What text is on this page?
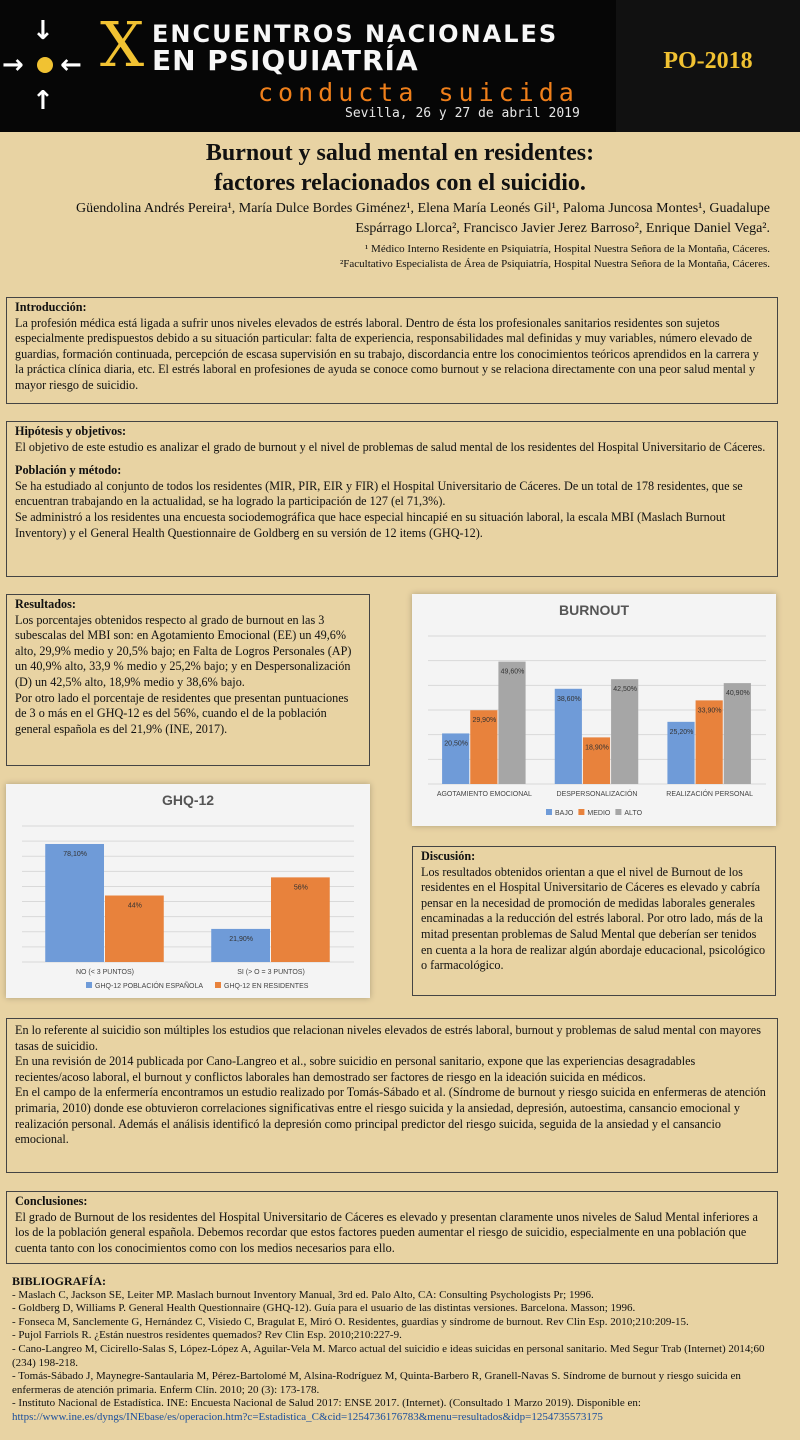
↓
↑
→ ← X ENCUENTROS NACIONALES
EN PSIQUIATRÍA
conducta suicida
Sevilla, 26 y 27 de abril 2019
PO-2018
Burnout y salud mental en residentes:
factores relacionados con el suicidio.
Güendolina Andrés Pereira¹, María Dulce Bordes Giménez¹, Elena María Leonés Gil¹, Paloma Juncosa Montes¹, Guadalupe
Espárrago Llorca², Francisco Javier Jerez Barroso², Enrique Daniel Vega².
¹ Médico Interno Residente en Psiquiatría, Hospital Nuestra Señora de la Montaña, Cáceres.
²Facultativo Especialista de Área de Psiquiatría, Hospital Nuestra Señora de la Montaña, Cáceres.
Introducción:

La profesión médica está ligada a sufrir unos niveles elevados de estrés laboral. Dentro de ésta los profesionales sanitarios residentes son sujetos especialmente predispuestos debido a su situación particular: falta de experiencia, responsabilidades mal definidas y muy variables, número elevado de guardias, formación continuada, percepción de escasa supervisión en su trabajo, discordancia entre los conocimientos teóricos aprendidos en la carrera y la práctica clínica diaria, etc. El estrés laboral en profesiones de ayuda se conoce como burnout y se relaciona directamente con una peor salud mental y mayor riesgo de suicidio.

Hipótesis y objetivos:

El objetivo de este estudio es analizar el grado de burnout y el nivel de problemas de salud mental de los residentes del Hospital Universitario de Cáceres.

Población y método:

Se ha estudiado al conjunto de todos los residentes (MIR, PIR, EIR y FIR) el Hospital Universitario de Cáceres. De un total de 178 residentes, que se encuentran trabajando en la actualidad, se ha logrado la participación de 127 (el 71,3%).

Se administró a los residentes una encuesta sociodemográfica que hace especial hincapié en su situación laboral, la escala MBI (Maslach Burnout Inventory) y el General Health Questionnaire de Goldberg en su versión de 12 items (GHQ-12).

Resultados:

Los porcentajes obtenidos respecto al grado de burnout en las 3 subescalas del MBI son: en Agotamiento Emocional (EE) un 49,6% alto, 29,9% medio y 20,5% bajo; en Falta de Logros Personales (AP) un 40,9% alto, 33,9 % medio y 25,2% bajo; y en Despersonalización (D) un 42,5% alto, 18,9% medio y 38,6% bajo.

Por otro lado el porcentaje de residentes que presentan puntuaciones de 3 o más en el GHQ-12 es del 56%, cuando el de la población general española es del 21,9% (INE, 2017).

BURNOUT
20,50%
29,90%
49,60%
AGOTAMIENTO EMOCIONAL
38,60%
18,90%
42,50%
DESPERSONALIZACIÓN
25,20%
33,90%
40,90%
REALIZACIÓN PERSONAL
BAJO MEDIO ALTO
GHQ-12
78,10%
44%
NO (< 3 PUNTOS)
21,90%
56%
SI (> O = 3 PUNTOS)
GHQ-12 POBLACIÓN ESPAÑOLA	GHQ-12 EN RESIDENTES
Discusión:

Los resultados obtenidos orientan a que el nivel de Burnout de los residentes en el Hospital Universitario de Cáceres es elevado y cabría pensar en la necesidad de promoción de medidas laborales generales encaminadas a la reducción del estrés laboral. Por otro lado, más de la mitad presentan problemas de Salud Mental que deberían ser tenidos en cuenta a la hora de realizar algún abordaje educacional, psicológico o farmacológico.

En lo referente al suicidio son múltiples los estudios que relacionan niveles elevados de estrés laboral, burnout y problemas de salud mental con mayores tasas de suicidio.

En una revisión de 2014 publicada por Cano-Langreo et al., sobre suicidio en personal sanitario, expone que las experiencias desagradables recientes/acoso laboral, el burnout y conflictos laborales han demostrado ser factores de riesgo en la ideación suicida en médicos.

En el campo de la enfermería encontramos un estudio realizado por Tomás-Sábado et al. (Síndrome de burnout y riesgo suicida en enfermeras de atención primaria, 2010) donde ese obtuvieron correlaciones significativas entre el riesgo suicida y la ansiedad, depresión, autoestima, cansancio emocional y realización personal. Además el análisis identificó la depresión como principal predictor del riesgo suicida, seguida de la ansiedad y el cansancio emocional.

Conclusiones:

El grado de Burnout de los residentes del Hospital Universitario de Cáceres es elevado y presentan claramente unos niveles de Salud Mental inferiores a los de la población general española. Debemos recordar que estos factores pueden aumentar el riesgo de suicidio, especialmente en una población que cuenta tanto con los conocimientos como con los medios necesarios para ello.

BIBLIOGRAFÍA:
- Maslach C, Jackson SE, Leiter MP. Maslach burnout Inventory Manual, 3rd ed. Palo Alto, CA: Consulting Psychologists Pr; 1996.
- Goldberg D, Williams P. General Health Questionnaire (GHQ-12). Guía para el usuario de las distintas versiones. Barcelona. Masson; 1996.
- Fonseca M, Sanclemente G, Hernández C, Visiedo C, Bragulat E, Miró O. Residentes, guardias y síndrome de burnout. Rev Clin Esp. 2010;210:209-15.
- Pujol Farriols R. ¿Están nuestros residentes quemados? Rev Clin Esp. 2010;210:227-9.
- Cano-Langreo M, Cicirello-Salas S, López-López A, Aguilar-Vela M. Marco actual del suicidio e ideas suicidas en personal sanitario. Med Segur Trab (Internet) 2014;60 (234) 198-218.
- Tomás-Sábado J, Maynegre-Santaularia M, Pérez-Bartolomé M, Alsina-Rodríguez M, Quinta-Barbero R, Granell-Navas S. Síndrome de burnout y riesgo suicida en enfermeras de atención primaria. Enferm Clín. 2010; 20 (3): 173-178.
- Instituto Nacional de Estadística. INE: Encuesta Nacional de Salud 2017: ENSE 2017. (Internet). (Consultado 1 Marzo 2019). Disponible en:
https://www.ine.es/dyngs/INEbase/es/operacion.htm?c=Estadistica_C&cid=1254736176783&menu=resultados&idp=1254735573175
